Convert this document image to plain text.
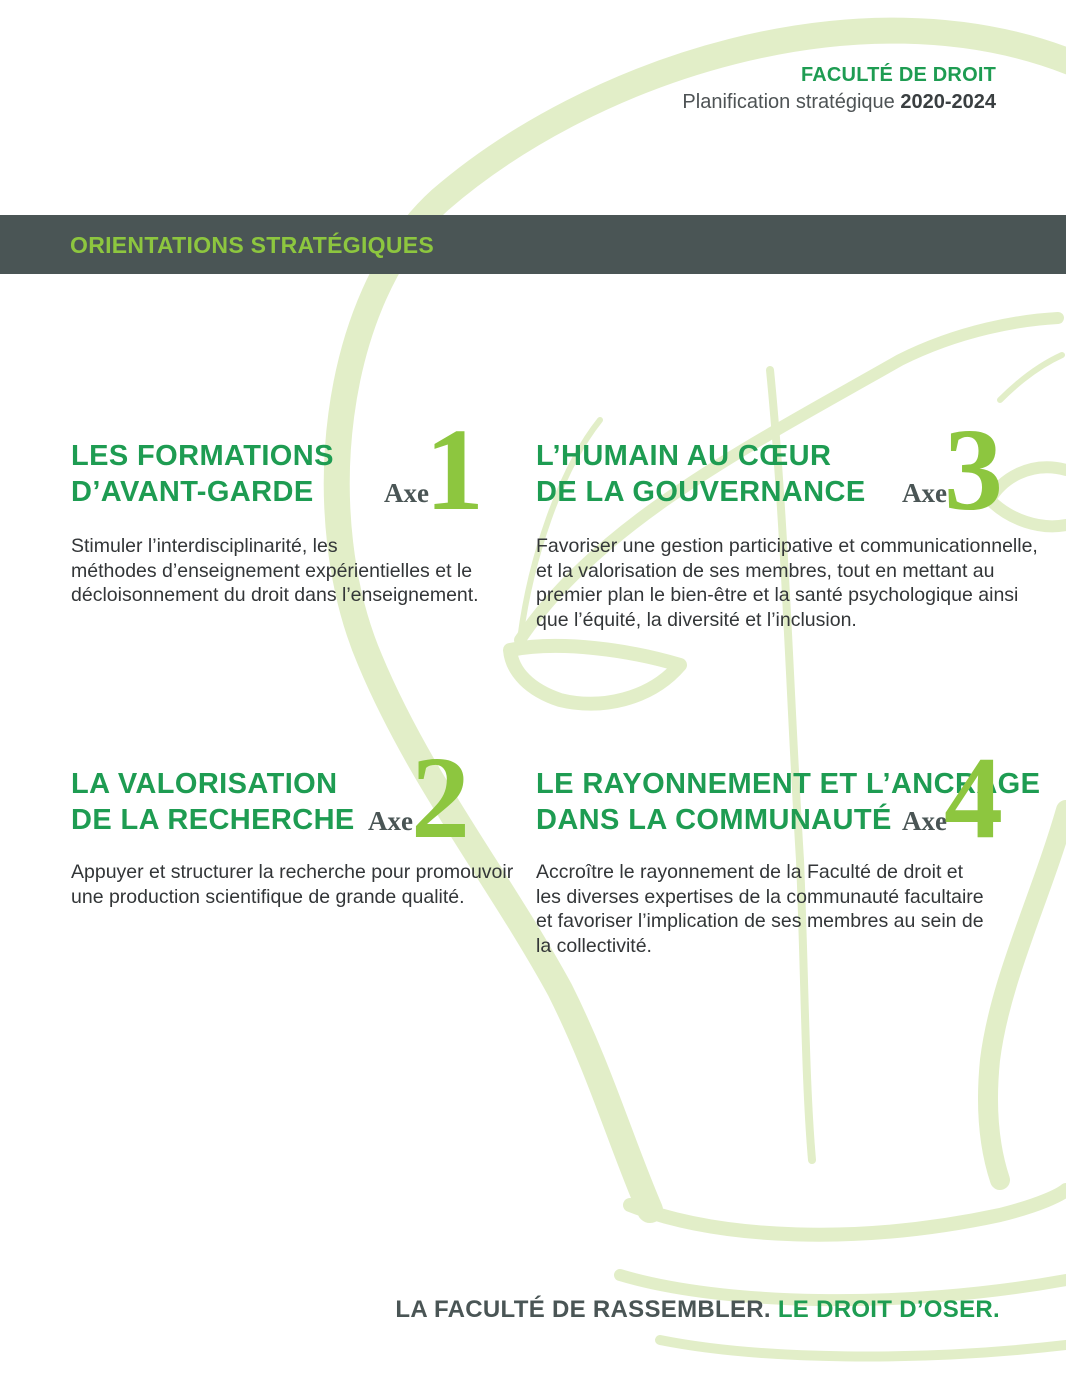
FACULTÉ DE DROIT
Planification stratégique 2020-2024
ORIENTATIONS STRATÉGIQUES
LES FORMATIONS
D’AVANT-GARDE	Axe
1
Stimuler l’interdisciplinarité, les
méthodes d’enseignement expérientielles et le
décloisonnement du droit dans l’enseignement.
LA VALORISATION
DE LA RECHERCHE Axe
2
Appuyer et structurer la recherche pour promouvoir
une production scientifique de grande qualité.
L’HUMAIN AU CŒUR
DE LA GOUVERNANCE Axe
3
Favoriser une gestion participative et communicationnelle,
et la valorisation de ses membres, tout en mettant au
premier plan le bien-être et la santé psychologique ainsi
que l’équité, la diversité et l’inclusion.
LE RAYONNEMENT ET L’ANCRAGE
DANS LA COMMUNAUTÉ Axe
4
Accroître le rayonnement de la Faculté de droit et
les diverses expertises de la communauté facultaire
et favoriser l’implication de ses membres au sein de
la collectivité.
LA FACULTÉ DE RASSEMBLER. LE DROIT D’OSER.
